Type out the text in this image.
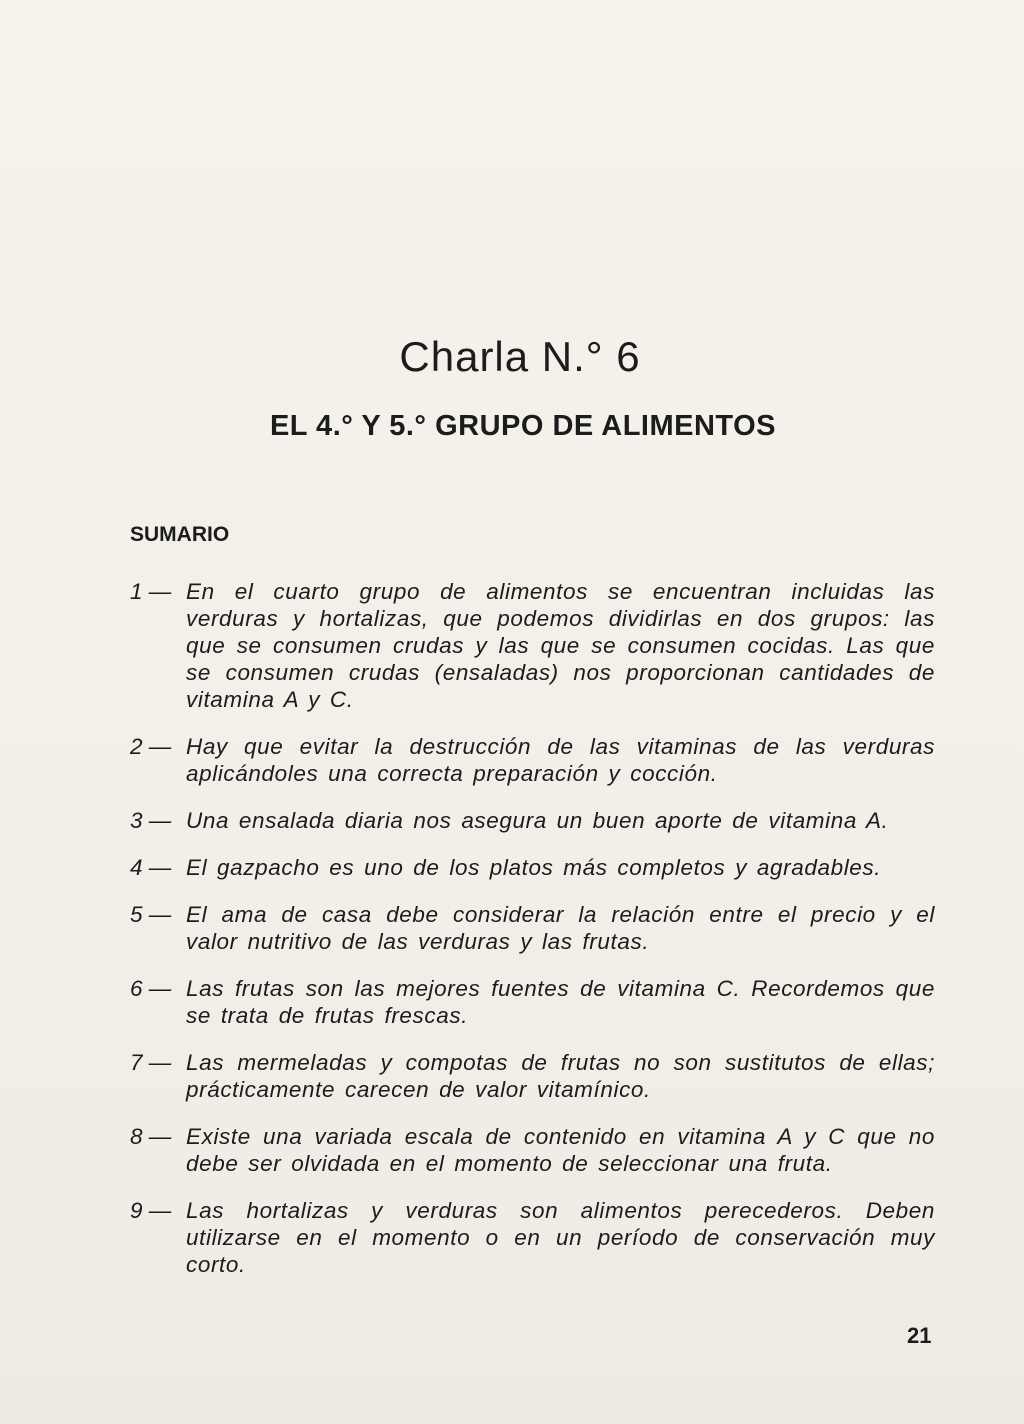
Charla N.° 6
EL 4.° Y 5.° GRUPO DE ALIMENTOS
SUMARIO
1 — En el cuarto grupo de alimentos se encuentran incluidas las verduras y hortalizas, que podemos dividirlas en dos grupos: las que se consumen crudas y las que se consumen cocidas. Las que se consumen crudas (ensaladas) nos proporcionan cantidades de vitamina A y C.
2 — Hay que evitar la destrucción de las vitaminas de las verduras aplicándoles una correcta preparación y cocción.
3 — Una ensalada diaria nos asegura un buen aporte de vitamina A.
4 — El gazpacho es uno de los platos más completos y agradables.
5 — El ama de casa debe considerar la relación entre el precio y el valor nutritivo de las verduras y las frutas.
6 — Las frutas son las mejores fuentes de vitamina C. Recordemos que se trata de frutas frescas.
7 — Las mermeladas y compotas de frutas no son sustitutos de ellas; prácticamente carecen de valor vitamínico.
8 — Existe una variada escala de contenido en vitamina A y C que no debe ser olvidada en el momento de seleccionar una fruta.
9 — Las hortalizas y verduras son alimentos perecederos. Deben utilizarse en el momento o en un período de conservación muy corto.
21
